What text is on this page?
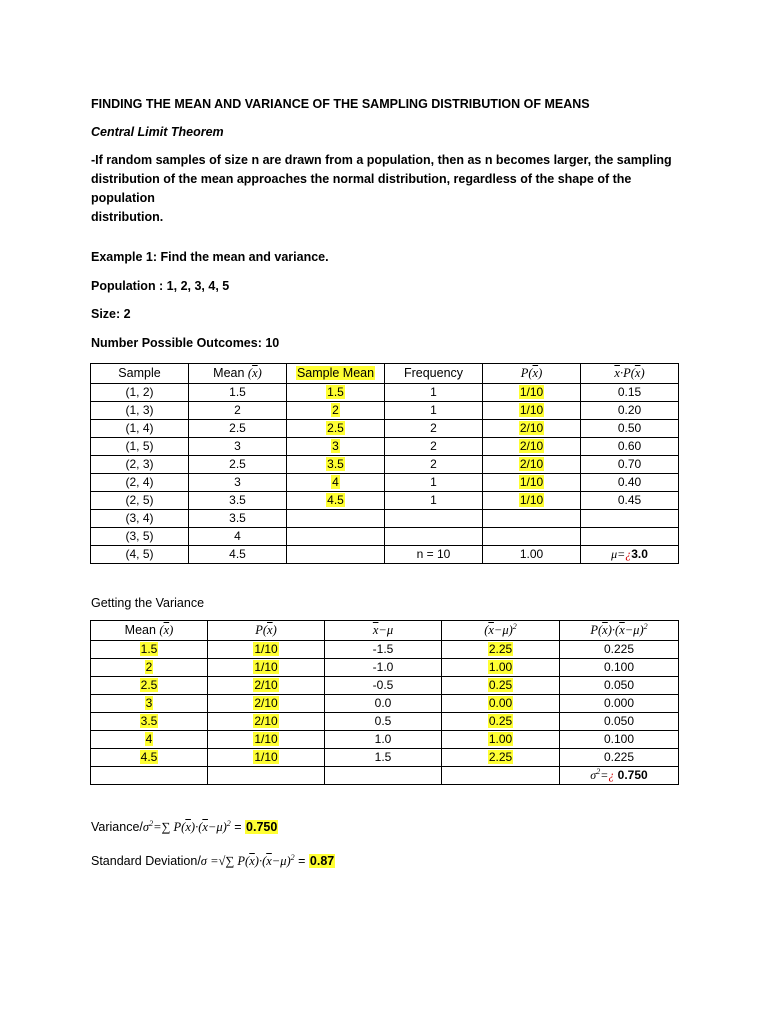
FINDING THE MEAN AND VARIANCE OF THE SAMPLING DISTRIBUTION OF MEANS
Central Limit Theorem
-If random samples of size n are drawn from a population, then as n becomes larger, the sampling
distribution of the mean approaches the normal distribution, regardless of the shape of the population
distribution.
Example 1: Find the mean and variance.
Population : 1, 2, 3, 4, 5
Size: 2
Number Possible Outcomes: 10
Sample	Mean $(\overline{x})$	Sample Mean	Frequency	$P(\overline{x})$	$\overline{x}\cdot P(\overline{x})$
(1, 2)	1.5	1.5	1	1/10	0.15
(1, 3)	2	2	1	1/10	0.20
(1, 4)	2.5	2.5	2	2/10	0.50
(1, 5)	3	3	2	2/10	0.60
(2, 3)	2.5	3.5	2	2/10	0.70
(2, 4)	3	4	1	1/10	0.40
(2, 5)	3.5	4.5	1	1/10	0.45
(3, 4)	3.5				
(3, 5)	4				
(4, 5)	4.5		n = 10	1.00	μ=¿3.0
Getting the Variance
Mean $(\overline{x})$	$P(\overline{x})$	$\overline{x}-\mu$	$(\overline{x}-\mu)^2$	$P(\overline{x})\cdot(\overline{x}-\mu)^2$
1.5	1/10	-1.5	2.25	0.225
2	1/10	-1.0	1.00	0.100
2.5	2/10	-0.5	0.25	0.050
3	2/10	0.0	0.00	0.000
3.5	2/10	0.5	0.25	0.050
4	1/10	1.0	1.00	0.100
4.5	1/10	1.5	2.25	0.225
				$\sigma^2=¿$ 0.750
Variance/$\sigma^2=\sum$ $P(\overline{x})\cdot(\overline{x}-\mu)^2 = 0.750$
Standard Deviation/σ =√∑ $P(\overline{x})\cdot(\overline{x}-\mu)^2 = 0.87$
